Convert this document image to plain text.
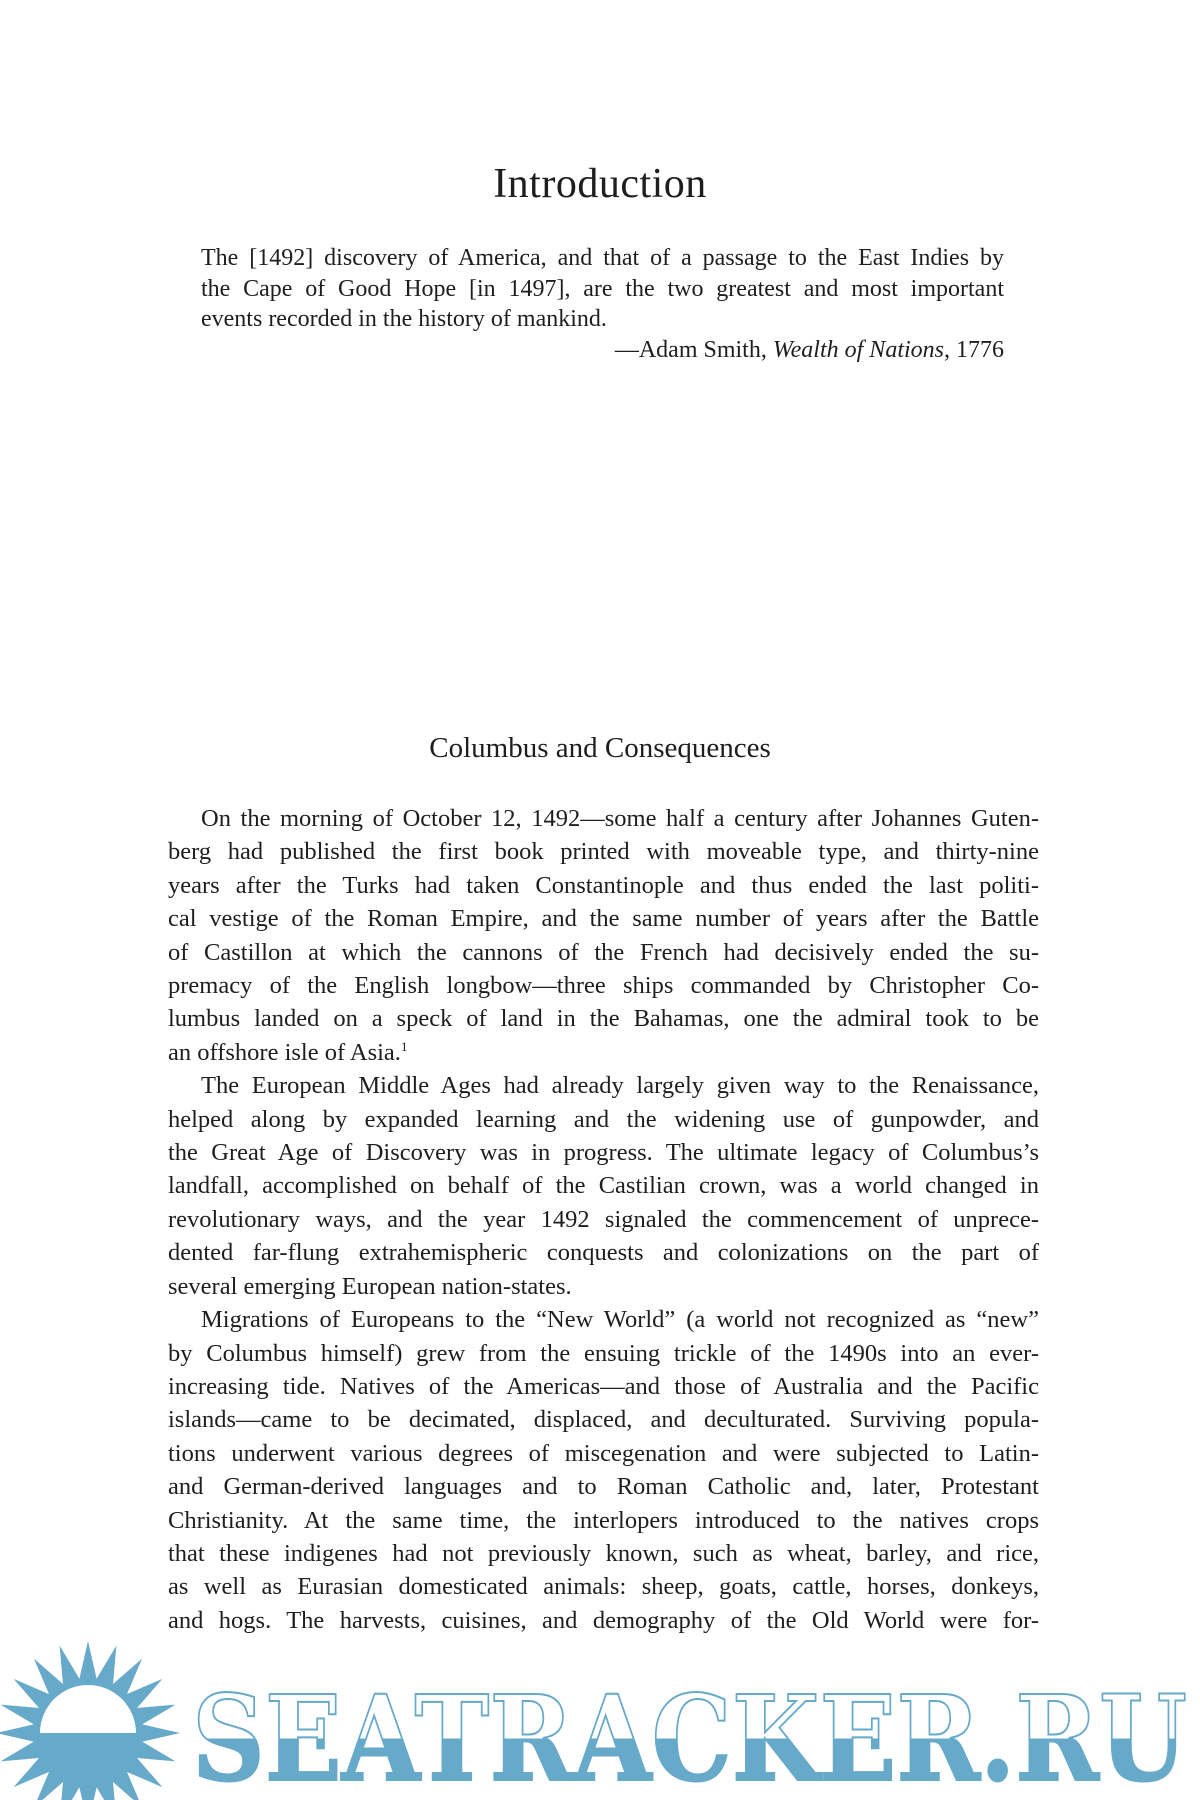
Introduction
The [1492] discovery of America, and that of a passage to the East Indies by
the Cape of Good Hope [in 1497], are the two greatest and most important
events recorded in the history of mankind.
—Adam Smith, Wealth of Nations, 1776
Columbus and Consequences
On the morning of October 12, 1492—some half a century after Johannes Guten-
berg had published the first book printed with moveable type, and thirty-nine
years after the Turks had taken Constantinople and thus ended the last politi-
cal vestige of the Roman Empire, and the same number of years after the Battle
of Castillon at which the cannons of the French had decisively ended the su-
premacy of the English longbow—three ships commanded by Christopher Co-
lumbus landed on a speck of land in the Bahamas, one the admiral took to be
an offshore isle of Asia.$^1$
The European Middle Ages had already largely given way to the Renaissance,
helped along by expanded learning and the widening use of gunpowder, and
the Great Age of Discovery was in progress. The ultimate legacy of Columbus’s
landfall, accomplished on behalf of the Castilian crown, was a world changed in
revolutionary ways, and the year 1492 signaled the commencement of unprece-
dented far-flung extrahemispheric conquests and colonizations on the part of
several emerging European nation-states.
Migrations of Europeans to the “New World” (a world not recognized as “new”
by Columbus himself) grew from the ensuing trickle of the 1490s into an ever-
increasing tide. Natives of the Americas—and those of Australia and the Pacific
islands—came to be decimated, displaced, and deculturated. Surviving popula-
tions underwent various degrees of miscegenation and were subjected to Latin-
and German-derived languages and to Roman Catholic and, later, Protestant
Christianity. At the same time, the interlopers introduced to the natives crops
that these indigenes had not previously known, such as wheat, barley, and rice,
as well as Eurasian domesticated animals: sheep, goats, cattle, horses, donkeys,
and hogs. The harvests, cuisines, and demography of the Old World were for-
SEATRACKER.RU
